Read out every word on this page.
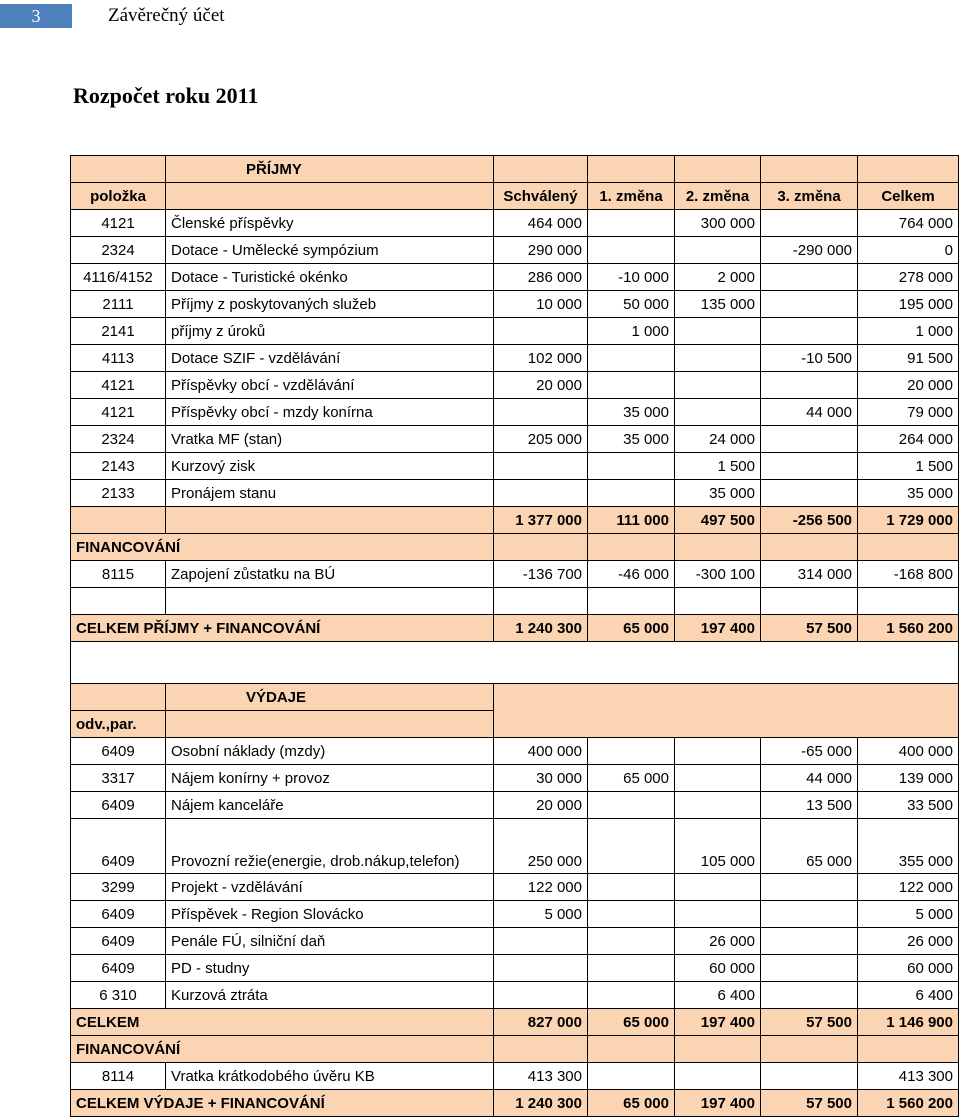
3	Závěrečný účet
Rozpočet roku 2011
	PŘÍJMY					
položka		Schválený	1. změna	2. změna	3. změna	Celkem
4121	Členské příspěvky	464 000		300 000		764 000
2324	Dotace - Umělecké sympózium	290 000			-290 000	0
4116/4152	Dotace - Turistické okénko	286 000	-10 000	2 000		278 000
2111	Příjmy z poskytovaných služeb	10 000	50 000	135 000		195 000
2141	příjmy z úroků		1 000			1 000
4113	Dotace SZIF - vzdělávání	102 000			-10 500	91 500
4121	Příspěvky obcí - vzdělávání	20 000				20 000
4121	Příspěvky obcí - mzdy konírna		35 000		44 000	79 000
2324	Vratka MF (stan)	205 000	35 000	24 000		264 000
2143	Kurzový zisk			1 500		1 500
2133	Pronájem stanu			35 000		35 000
		1 377 000	111 000	497 500	-256 500	1 729 000
FINANCOVÁNÍ						
8115	Zapojení zůstatku na BÚ	-136 700	-46 000	-300 100	314 000	-168 800

CELKEM PŘÍJMY + FINANCOVÁNÍ		1 240 300	65 000	197 400	57 500	1 560 200

	VÝDAJE					
odv.,par.						
6409	Osobní náklady (mzdy)	400 000			-65 000	400 000
3317	Nájem konírny + provoz	30 000	65 000		44 000	139 000
6409	Nájem kanceláře	20 000			13 500	33 500
6409	Provozní režie(energie, drob.nákup,telefon)	250 000		105 000	65 000	355 000
3299	Projekt - vzdělávání	122 000				122 000
6409	Příspěvek - Region Slovácko	5 000				5 000
6409	Penále FÚ, silniční daň			26 000		26 000
6409	PD - studny			60 000		60 000
6 310	Kurzová ztráta			6 400		6 400
CELKEM		827 000	65 000	197 400	57 500	1 146 900
FINANCOVÁNÍ						
8114	Vratka krátkodobého úvěru KB	413 300				413 300
CELKEM VÝDAJE + FINANCOVÁNÍ		1 240 300	65 000	197 400	57 500	1 560 200
